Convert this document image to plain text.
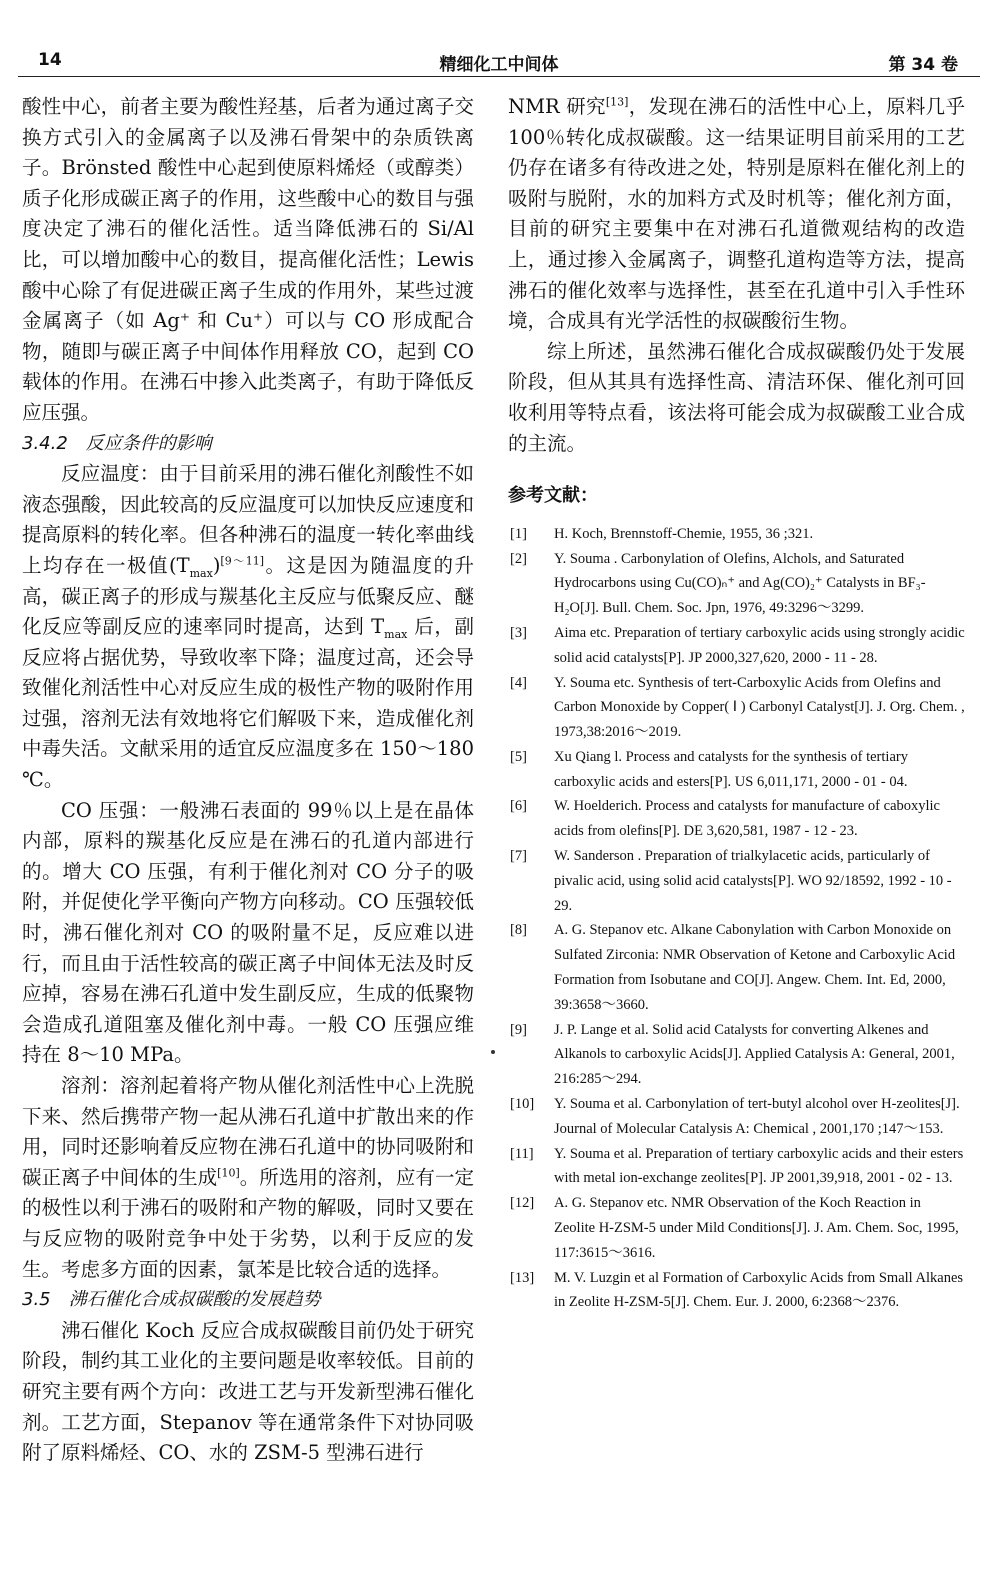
14	精细化工中间体	第 34 卷

酸性中心，前者主要为酸性羟基，后者为通过离子交换方式引入的金属离子以及沸石骨架中的杂质铁离子。Brönsted 酸性中心起到使原料烯烃（或醇类）质子化形成碳正离子的作用，这些酸中心的数目与强度决定了沸石的催化活性。适当降低沸石的 Si/Al 比，可以增加酸中心的数目，提高催化活性；Lewis 酸中心除了有促进碳正离子生成的作用外，某些过渡金属离子（如 Ag⁺ 和 Cu⁺）可以与 CO 形成配合物，随即与碳正离子中间体作用释放 CO，起到 CO 载体的作用。在沸石中掺入此类离子，有助于降低反应压强。

3.4.2　反应条件的影响

反应温度：由于目前采用的沸石催化剂酸性不如液态强酸，因此较高的反应温度可以加快反应速度和提高原料的转化率。但各种沸石的温度一转化率曲线上均存在一极值$(T_{max})[9\sim 11]$。这是因为随温度的升高，碳正离子的形成与羰基化主反应与低聚反应、醚化反应等副反应的速率同时提高，达到 $T_{max}$ 后，副反应将占据优势，导致收率下降；温度过高，还会导致催化剂活性中心对反应生成的极性产物的吸附作用过强，溶剂无法有效地将它们解吸下来，造成催化剂中毒失活。文献采用的适宜反应温度多在 150～180 ℃。

CO 压强：一般沸石表面的 99％以上是在晶体内部，原料的羰基化反应是在沸石的孔道内部进行的。增大 CO 压强，有利于催化剂对 CO 分子的吸附，并促使化学平衡向产物方向移动。CO 压强较低时，沸石催化剂对 CO 的吸附量不足，反应难以进行，而且由于活性较高的碳正离子中间体无法及时反应掉，容易在沸石孔道中发生副反应，生成的低聚物会造成孔道阻塞及催化剂中毒。一般 CO 压强应维持在 8～10 MPa。

溶剂：溶剂起着将产物从催化剂活性中心上洗脱下来、然后携带产物一起从沸石孔道中扩散出来的作用，同时还影响着反应物在沸石孔道中的协同吸附和碳正离子中间体的生成[10]。所选用的溶剂，应有一定的极性以利于沸石的吸附和产物的解吸，同时又要在与反应物的吸附竞争中处于劣势，以利于反应的发生。考虑多方面的因素，氯苯是比较合适的选择。

3.5　沸石催化合成叔碳酸的发展趋势

沸石催化 Koch 反应合成叔碳酸目前仍处于研究阶段，制约其工业化的主要问题是收率较低。目前的研究主要有两个方向：改进工艺与开发新型沸石催化剂。工艺方面，Stepanov 等在通常条件下对协同吸附了原料烯烃、CO、水的 ZSM-5 型沸石进行

NMR 研究[13]，发现在沸石的活性中心上，原料几乎 100％转化成叔碳酸。这一结果证明目前采用的工艺仍存在诸多有待改进之处，特别是原料在催化剂上的吸附与脱附，水的加料方式及时机等；催化剂方面，目前的研究主要集中在对沸石孔道微观结构的改造上，通过掺入金属离子，调整孔道构造等方法，提高沸石的催化效率与选择性，甚至在孔道中引入手性环境，合成具有光学活性的叔碳酸衍生物。

综上所述，虽然沸石催化合成叔碳酸仍处于发展阶段，但从其具有选择性高、清洁环保、催化剂可回收利用等特点看，该法将可能会成为叔碳酸工业合成的主流。

参考文献：
[1] H. Koch, Brennstoff-Chemie, 1955, 36 ;321.
[2] Y. Souma . Carbonylation of Olefins, Alchols, and Saturated Hydrocarbons using Cu(CO)ₙ⁺ and Ag(CO)₂⁺ Catalysts in BF₃-H₂O[J]. Bull. Chem. Soc. Jpn, 1976, 49:3296～3299.
[3] Aima etc. Preparation of tertiary carboxylic acids using strongly acidic solid acid catalysts[P]. JP 2000,327,620, 2000 - 11 - 28.
[4] Y. Souma etc. Synthesis of tert-Carboxylic Acids from Olefins and Carbon Monoxide by Copper( Ⅰ ) Carbonyl Catalyst[J]. J. Org. Chem. , 1973,38:2016～2019.
[5] Xu Qiang l. Process and catalysts for the synthesis of tertiary carboxylic acids and esters[P]. US 6,011,171, 2000 - 01 - 04.
[6] W. Hoelderich. Process and catalysts for manufacture of caboxylic acids from olefins[P]. DE 3,620,581, 1987 - 12 - 23.
[7] W. Sanderson . Preparation of trialkylacetic acids, particularly of pivalic acid, using solid acid catalysts[P]. WO 92/18592, 1992 - 10 - 29.
[8] A. G. Stepanov etc. Alkane Cabonylation with Carbon Monoxide on Sulfated Zirconia: NMR Observation of Ketone and Carboxylic Acid Formation from Isobutane and CO[J]. Angew. Chem. Int. Ed, 2000, 39:3658～3660.
[9] J. P. Lange et al. Solid acid Catalysts for converting Alkenes and Alkanols to carboxylic Acids[J]. Applied Catalysis A: General, 2001, 216:285～294.
[10] Y. Souma et al. Carbonylation of tert-butyl alcohol over H-zeolites[J]. Journal of Molecular Catalysis A: Chemical , 2001,170 ;147～153.
[11] Y. Souma et al. Preparation of tertiary carboxylic acids and their esters with metal ion-exchange zeolites[P]. JP 2001,39,918, 2001 - 02 - 13.
[12] A. G. Stepanov etc. NMR Observation of the Koch Reaction in Zeolite H-ZSM-5 under Mild Conditions[J]. J. Am. Chem. Soc, 1995, 117:3615～3616.
[13] M. V. Luzgin et al Formation of Carboxylic Acids from Small Alkanes in Zeolite H-ZSM-5[J]. Chem. Eur. J. 2000, 6:2368～2376.
